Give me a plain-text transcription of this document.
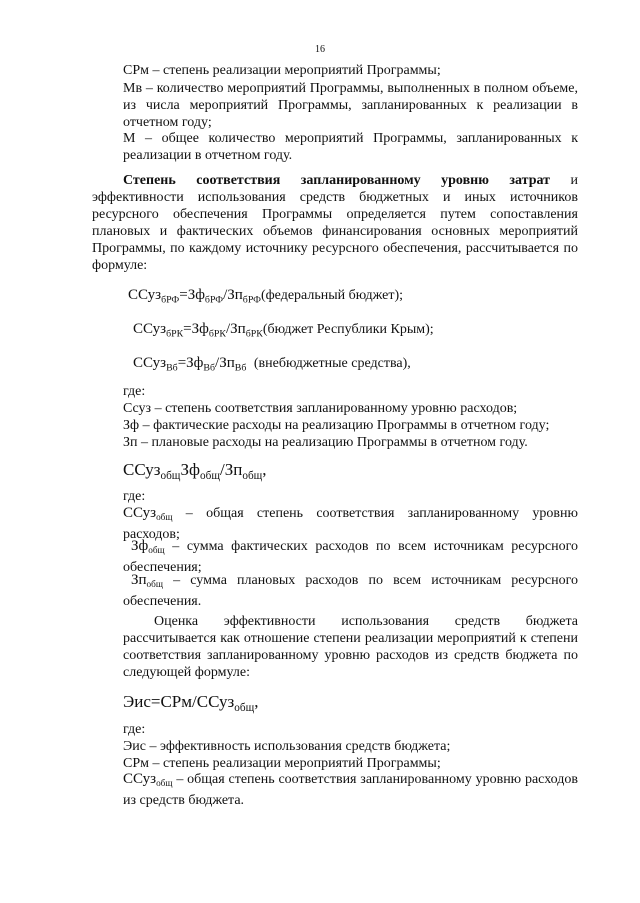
16
СРм – степень реализации мероприятий Программы;
Мв – количество мероприятий Программы, выполненных в полном объеме, из числа мероприятий Программы, запланированных к реализации в отчетном году;
М – общее количество мероприятий Программы, запланированных к реализации в отчетном году.
Степень соответствия запланированному уровню затрат и эффективности использования средств бюджетных и иных источников ресурсного обеспечения Программы определяется путем сопоставления плановых и фактических объемов финансирования основных мероприятий Программы, по каждому источнику ресурсного обеспечения, рассчитывается по формуле:
$ССуз_{бРФ}=Зф_{бРФ}/Зп_{бРФ}(федеральный$ бюджет);
$ССуз_{бРК}=Зф_{бРК}/Зп_{бРК}(бюджет$ Республики Крым);
$ССуз_{Вб}=Зф_{Вб}/Зп_{Вб}$ (внебюджетные средства),
где:
Ссуз – степень соответствия запланированному уровню расходов;
Зф – фактические расходы на реализацию Программы в отчетном году;
Зп – плановые расходы на реализацию Программы в отчетном году.
$ССуз_{общ}Зф_{общ}/Зп_{общ}$,
где:
ССуз$_{общ}$ – общая степень соответствия запланированному уровню расходов;
$Зф_{общ}$ – сумма фактических расходов по всем источникам ресурсного обеспечения;
$Зп_{общ}$ – сумма плановых расходов по всем источникам ресурсного обеспечения.
Оценка эффективности использования средств бюджета рассчитывается как отношение степени реализации мероприятий к степени соответствия запланированному уровню расходов из средств бюджета по следующей формуле:
Эис=СРм/ССуз$_{общ}$,
где:
Эис – эффективность использования средств бюджета;
СРм – степень реализации мероприятий Программы;
ССуз$_{общ}$ – общая степень соответствия запланированному уровню расходов из средств бюджета.
